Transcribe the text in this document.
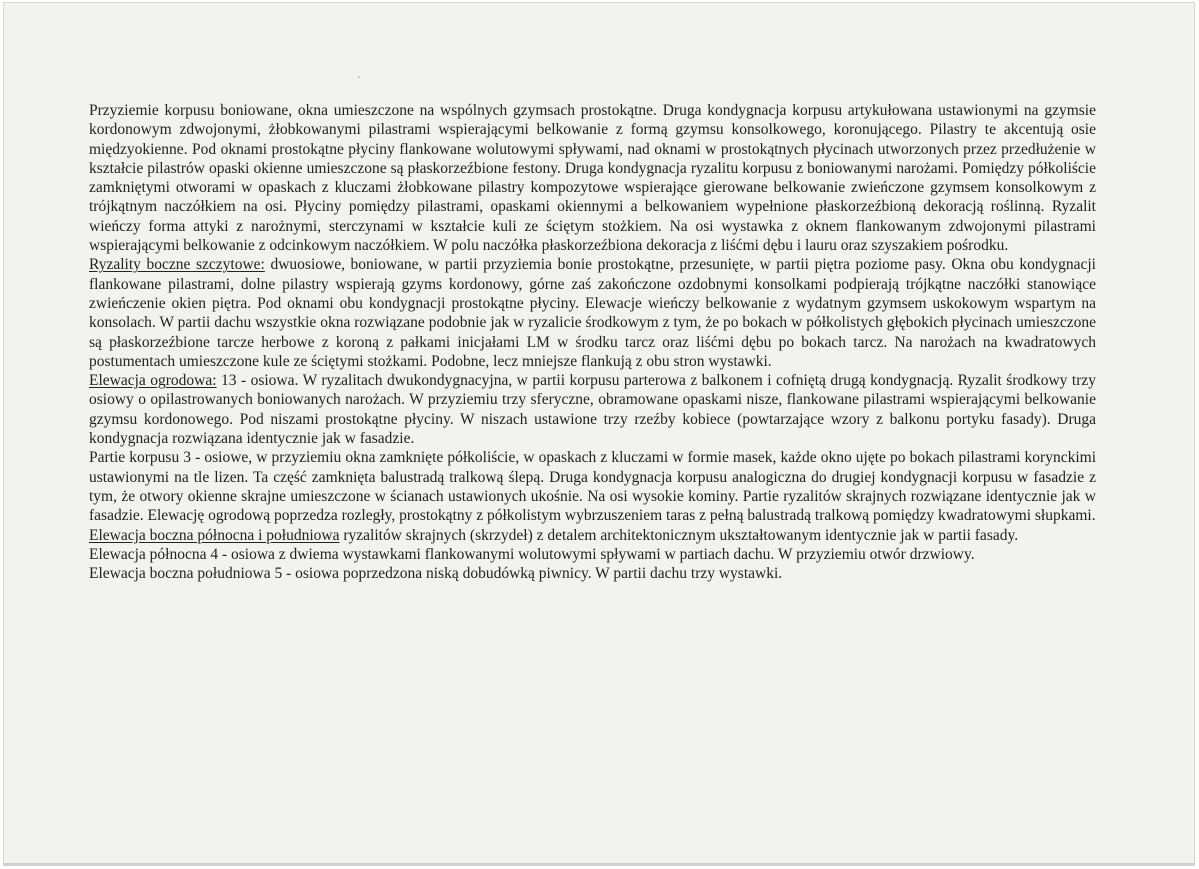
Przyziemie korpusu boniowane, okna umieszczone na wspólnych gzymsach prostokątne. Druga kondygnacja korpusu artykułowana ustawionymi na gzymsie kordonowym zdwojonymi, żłobkowanymi pilastrami wspierającymi belkowanie z formą gzymsu konsolkowego, koronującego. Pilastry te akcentują osie międzyokienne. Pod oknami prostokątne płyciny flankowane wolutowymi spływami, nad oknami w prostokątnych płycinach utworzonych przez przedłużenie w kształcie pilastrów opaski okienne umieszczone są płaskorzeźbione festony. Druga kondygnacja ryzalitu korpusu z boniowanymi narożami. Pomiędzy półkoliście zamkniętymi otworami w opaskach z kluczami żłobkowane pilastry kompozytowe wspierające gierowane belkowanie zwieńczone gzymsem konsolkowym z trójkątnym naczółkiem na osi. Płyciny pomiędzy pilastrami, opaskami okiennymi a belkowaniem wypełnione płaskorzeźbioną dekoracją roślinną. Ryzalit wieńczy forma attyki z narożnymi, sterczynami w kształcie kuli ze ściętym stożkiem. Na osi wystawka z oknem flankowanym zdwojonymi pilastrami wspierającymi belkowanie z odcinkowym naczółkiem. W polu naczółka płaskorzeźbiona dekoracja z liśćmi dębu i lauru oraz szyszakiem pośrodku.

Ryzality boczne szczytowe: dwuosiowe, boniowane, w partii przyziemia bonie prostokątne, przesunięte, w partii piętra poziome pasy. Okna obu kondygnacji flankowane pilastrami, dolne pilastry wspierają gzyms kordonowy, górne zaś zakończone ozdobnymi konsolkami podpierają trójkątne naczółki stanowiące zwieńczenie okien piętra. Pod oknami obu kondygnacji prostokątne płyciny. Elewacje wieńczy belkowanie z wydatnym gzymsem uskokowym wspartym na konsolach. W partii dachu wszystkie okna rozwiązane podobnie jak w ryzalicie środkowym z tym, że po bokach w półkolistych głębokich płycinach umieszczone są płaskorzeźbione tarcze herbowe z koroną z pałkami inicjałami LM w środku tarcz oraz liśćmi dębu po bokach tarcz. Na narożach na kwadratowych postumentach umieszczone kule ze ściętymi stożkami. Podobne, lecz mniejsze flankują z obu stron wystawki.

Elewacja ogrodowa: 13 - osiowa. W ryzalitach dwukondygnacyjna, w partii korpusu parterowa z balkonem i cofniętą drugą kondygnacją. Ryzalit środkowy trzy osiowy o opilastrowanych boniowanych narożach. W przyziemiu trzy sferyczne, obramowane opaskami nisze, flankowane pilastrami wspierającymi belkowanie gzymsu kordonowego. Pod niszami prostokątne płyciny. W niszach ustawione trzy rzeźby kobiece (powtarzające wzory z balkonu portyku fasady). Druga kondygnacja rozwiązana identycznie jak w fasadzie.

Partie korpusu 3 - osiowe, w przyziemiu okna zamknięte półkoliście, w opaskach z kluczami w formie masek, każde okno ujęte po bokach pilastrami korynckimi ustawionymi na tle lizen. Ta część zamknięta balustradą tralkową ślepą. Druga kondygnacja korpusu analogiczna do drugiej kondygnacji korpusu w fasadzie z tym, że otwory okienne skrajne umieszczone w ścianach ustawionych ukośnie. Na osi wysokie kominy. Partie ryzalitów skrajnych rozwiązane identycznie jak w fasadzie. Elewację ogrodową poprzedza rozległy, prostokątny z półkolistym wybrzuszeniem taras z pełną balustradą tralkową pomiędzy kwadratowymi słupkami.

Elewacja boczna północna i południowa ryzalitów skrajnych (skrzydeł) z detalem architektonicznym ukształtowanym identycznie jak w partii fasady.

Elewacja północna 4 - osiowa z dwiema wystawkami flankowanymi wolutowymi spływami w partiach dachu. W przyziemiu otwór drzwiowy.

Elewacja boczna południowa 5 - osiowa poprzedzona niską dobudówką piwnicy. W partii dachu trzy wystawki.
